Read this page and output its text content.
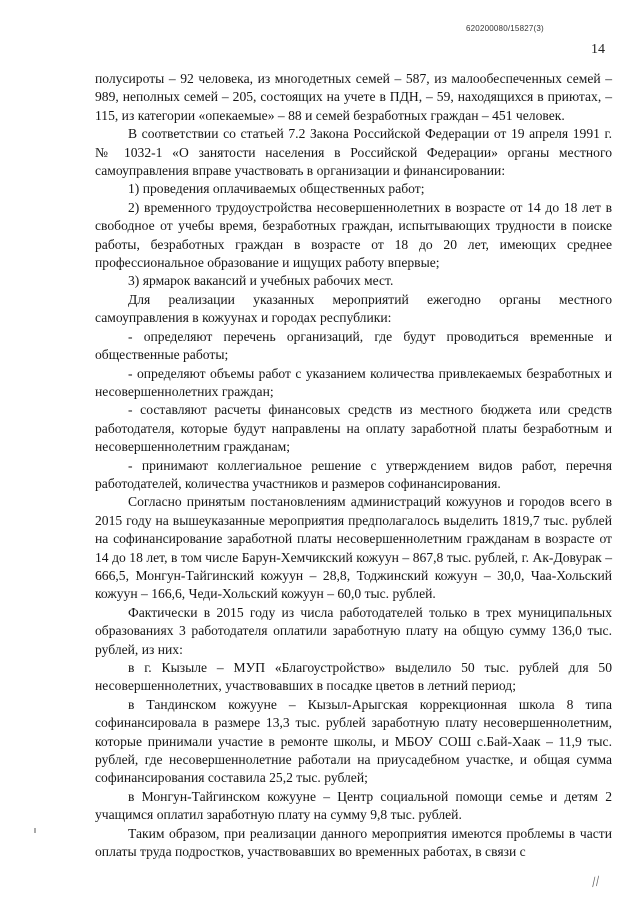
620200080/15827(3)
14

полусироты – 92 человека, из многодетных семей – 587, из малообеспеченных семей – 989, неполных семей – 205, состоящих на учете в ПДН, – 59, находящихся в приютах, – 115, из категории «опекаемые» – 88 и семей безработных граждан – 451 человек.

В соответствии со статьей 7.2 Закона Российской Федерации от 19 апреля 1991 г. № 1032-1 «О занятости населения в Российской Федерации» органы местного самоуправления вправе участвовать в организации и финансировании:

1) проведения оплачиваемых общественных работ;

2) временного трудоустройства несовершеннолетних в возрасте от 14 до 18 лет в свободное от учебы время, безработных граждан, испытывающих трудности в поиске работы, безработных граждан в возрасте от 18 до 20 лет, имеющих среднее профессиональное образование и ищущих работу впервые;

3) ярмарок вакансий и учебных рабочих мест.

Для реализации указанных мероприятий ежегодно органы местного самоуправления в кожуунах и городах республики:

- определяют перечень организаций, где будут проводиться временные и общественные работы;

- определяют объемы работ с указанием количества привлекаемых безработных и несовершеннолетних граждан;

- составляют расчеты финансовых средств из местного бюджета или средств работодателя, которые будут направлены на оплату заработной платы безработным и несовершеннолетним гражданам;

- принимают коллегиальное решение с утверждением видов работ, перечня работодателей, количества участников и размеров софинансирования.

Согласно принятым постановлениям администраций кожуунов и городов всего в 2015 году на вышеуказанные мероприятия предполагалось выделить 1819,7 тыс. рублей на софинансирование заработной платы несовершеннолетним гражданам в возрасте от 14 до 18 лет, в том числе Барун-Хемчикский кожуун – 867,8 тыс. рублей, г. Ак-Довурак – 666,5, Монгун-Тайгинский кожуун – 28,8, Тоджинский кожуун – 30,0, Чаа-Хольский кожуун – 166,6, Чеди-Хольский кожуун – 60,0 тыс. рублей.

Фактически в 2015 году из числа работодателей только в трех муниципальных образованиях 3 работодателя оплатили заработную плату на общую сумму 136,0 тыс. рублей, из них:

в г. Кызыле – МУП «Благоустройство» выделило 50 тыс. рублей для 50 несовершеннолетних, участвовавших в посадке цветов в летний период;

в Тандинском кожууне – Кызыл-Арыгская коррекционная школа 8 типа софинансировала в размере 13,3 тыс. рублей заработную плату несовершеннолетним, которые принимали участие в ремонте школы, и МБОУ СОШ с.Бай-Хаак – 11,9 тыс. рублей, где несовершеннолетние работали на приусадебном участке, и общая сумма софинансирования составила 25,2 тыс. рублей;

в Монгун-Тайгинском кожууне – Центр социальной помощи семье и детям 2 учащимся оплатил заработную плату на сумму 9,8 тыс. рублей.

Таким образом, при реализации данного мероприятия имеются проблемы в части оплаты труда подростков, участвовавших во временных работах, в связи с

//
